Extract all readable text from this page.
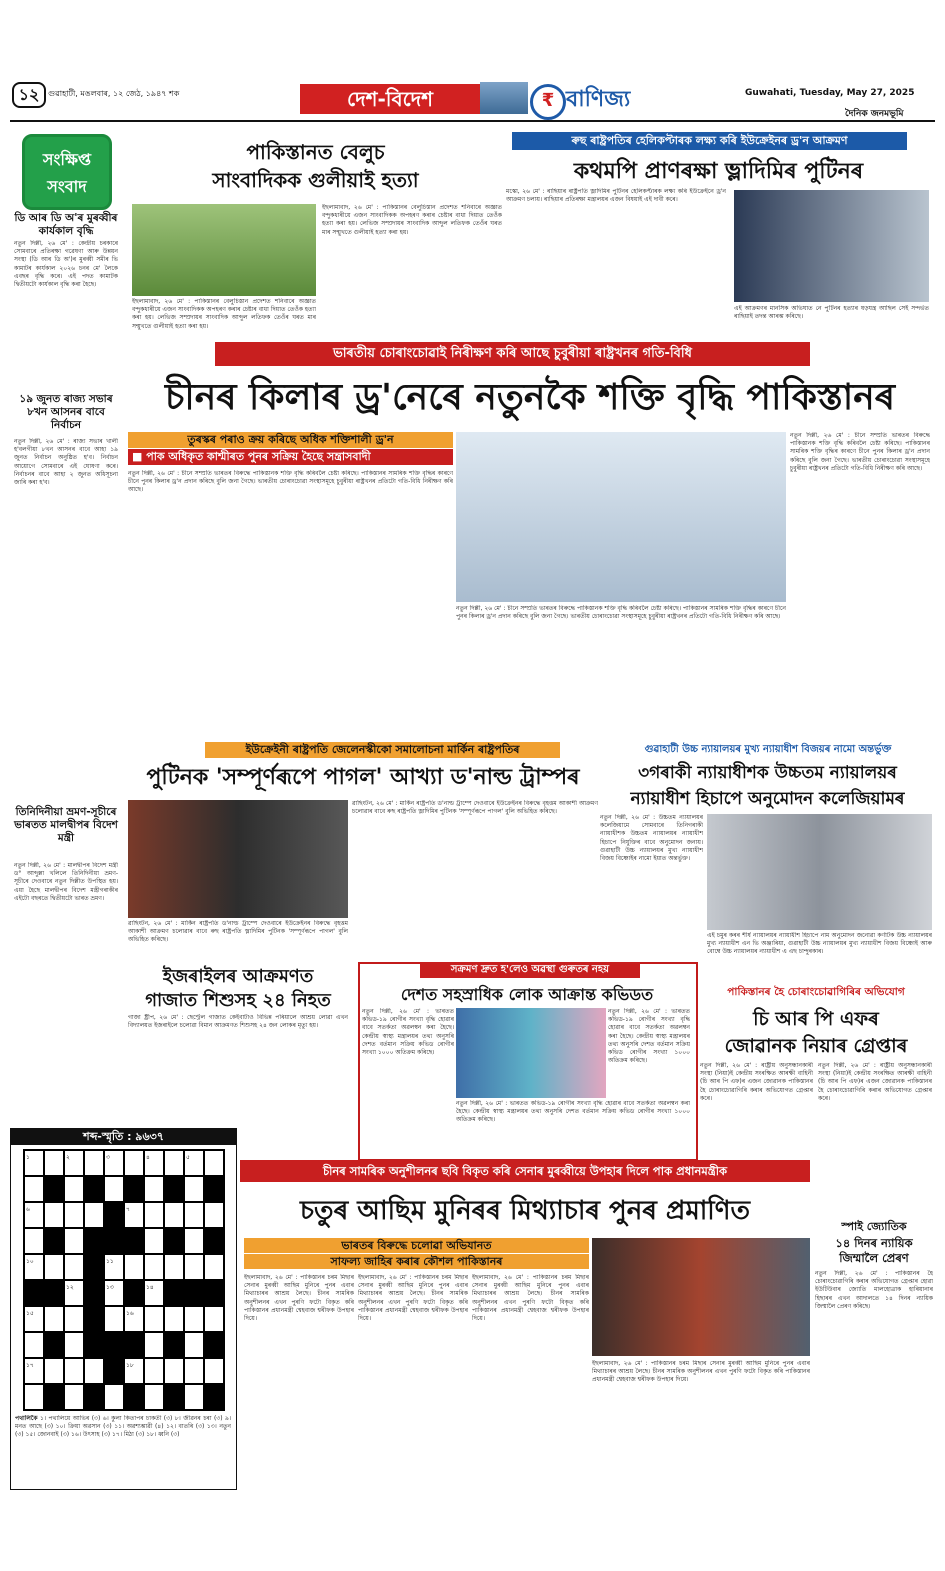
১২	গুৱাহাটী, মঙলবাৰ, ১২ জেঠ, ১৯৪৭ শক	দেশ-বিদেশ	₹ বাণিজ্য	Guwahati, Tuesday, May 27, 2025
দৈনিক জনমভূমি
সংক্ষিপ্ত
সংবাদ
ডি আৰ ডি অ'ৰ মুৰব্বীৰ কাৰ্যকাল বৃদ্ধি
নতুন দিল্লী, ২৬ মে' : কেন্দ্ৰীয় চৰকাৰে সোমবাৰে প্ৰতিৰক্ষা গৱেষণা আৰু উন্নয়ন সংস্থা (ডি আৰ ডি অ')ৰ মুৰব্বী সমীৰ ভি কামাটৰ কাৰ্যকাল ২০২৬ চনৰ মে' লৈকে এবছৰ বৃদ্ধি কৰে। এই পদত কামাটক দ্বিতীয়টো কাৰ্যকাল বৃদ্ধি কৰা হৈছে।
১৯ জুনত ৰাজ্য সভাৰ ৮খন আসনৰ বাবে নিৰ্বাচন
নতুন দিল্লী, ২৬ মে' : ৰাজ্য সভাৰ খালী হ'বলগীয়া ৮খন আসনৰ বাবে আহা ১৯ জুনত নিৰ্বাচন অনুষ্ঠিত হ'ব। নিৰ্বাচন আয়োগে সোমবাৰে এই ঘোষণা কৰে। নিৰ্বাচনৰ বাবে আহা ২ জুনত অধিসূচনা জাৰি কৰা হ'ব।
তিনিদিনীয়া ভ্ৰমণ-সূচীৰে ভাৰতত মালদ্বীপৰ বিদেশ মন্ত্ৰী
নতুন দিল্লী, ২৬ মে' : মালদ্বীপৰ বিদেশ মন্ত্ৰী ড° আব্দুল্লা খলিলে তিনিদিনীয়া ভ্ৰমণ-সূচীৰে দেওবাৰে নতুন দিল্লীত উপস্থিত হয়। এয়া হৈছে মালদ্বীপৰ বিদেশ মন্ত্ৰীগৰাকীৰ এইটো বছৰতে দ্বিতীয়টো ভাৰত ভ্ৰমণ।
পাকিস্তানত বেলুচ
সাংবাদিকক গুলীয়াই হত্যা
ইছলামাবাদ, ২৬ মে' : পাকিস্তানৰ বেলুচিস্তান প্ৰদেশত শনিবাৰে অজ্ঞাত বন্দুকধাৰীয়ে এজন সাংবাদিকক অপহৰণ কৰাৰ চেষ্টাৰ বাধা দিয়াত তেওঁক হত্যা কৰা হয়। লেভিজ সম্প্ৰদায়ৰ সাংবাদিক আব্দুল লতিফক তেওঁৰ ঘৰত মাৰ সন্মুখতে গুলীয়াই হত্যা কৰা হয়।
ইছলামাবাদ, ২৬ মে' : পাকিস্তানৰ বেলুচিস্তান প্ৰদেশত শনিবাৰে অজ্ঞাত বন্দুকধাৰীয়ে এজন সাংবাদিকক অপহৰণ কৰাৰ চেষ্টাৰ বাধা দিয়াত তেওঁক হত্যা কৰা হয়। লেভিজ সম্প্ৰদায়ৰ সাংবাদিক আব্দুল লতিফক তেওঁৰ ঘৰত মাৰ সন্মুখতে গুলীয়াই হত্যা কৰা হয়।
ৰুছ ৰাষ্ট্ৰপতিৰ হেলিকপ্টাৰক লক্ষ্য কৰি ইউক্ৰেইনৰ ড্ৰ'ন আক্ৰমণ
কথমপি প্ৰাণৰক্ষা ভ্লাদিমিৰ পুটিনৰ
মস্কো, ২৬ মে' : ৰাছিয়াৰ ৰাষ্ট্ৰপতি ভ্লাদিমিৰ পুটিনৰ হেলিকপ্টাৰক লক্ষ্য কৰি ইউক্ৰেইনে ড্ৰ'ন আক্ৰমণ চলায়। ৰাছিয়াৰ প্ৰতিৰক্ষা মন্ত্ৰালয়ৰ এজন বিষয়াই এই দাবী কৰে।
এই আক্ৰমণৰ মানসিক অভিঘাত নে পুটিনৰ হত্যাৰ ষড়যন্ত্ৰ আছিল সেই সন্দৰ্ভত ৰাছিয়াই তদন্ত আৰম্ভ কৰিছে।
ভাৰতীয় চোৰাংচোৱাই নিৰীক্ষণ কৰি আছে চুবুৰীয়া ৰাষ্ট্ৰখনৰ গতি-বিধি
চীনৰ কিলাৰ ড্ৰ'নেৰে নতুনকৈ শক্তি বৃদ্ধি পাকিস্তানৰ
তুৰস্কৰ পৰাও ক্ৰয় কৰিছে অধিক শক্তিশালী ড্ৰ'ন
■ পাক অধিকৃত কাশ্মীৰত পুনৰ সক্ৰিয় হৈছে সন্ত্ৰাসবাদী
নতুন দিল্লী, ২৬ মে' : চীনে সম্প্ৰতি ভাৰতৰ বিৰুদ্ধে পাকিস্তানক শক্তি বৃদ্ধি কৰিবলৈ চেষ্টা কৰিছে। পাকিস্তানৰ সামৰিক শক্তি বৃদ্ধিৰ কাৰণে চীনে পুনৰ কিলাৰ ড্ৰ'ন প্ৰদান কৰিছে বুলি জনা গৈছে। ভাৰতীয় চোৰাংচোৱা সংস্থাসমূহে চুবুৰীয়া ৰাষ্ট্ৰখনৰ প্ৰতিটো গতি-বিধি নিৰীক্ষণ কৰি আছে।
নতুন দিল্লী, ২৬ মে' : চীনে সম্প্ৰতি ভাৰতৰ বিৰুদ্ধে পাকিস্তানক শক্তি বৃদ্ধি কৰিবলৈ চেষ্টা কৰিছে। পাকিস্তানৰ সামৰিক শক্তি বৃদ্ধিৰ কাৰণে চীনে পুনৰ কিলাৰ ড্ৰ'ন প্ৰদান কৰিছে বুলি জনা গৈছে। ভাৰতীয় চোৰাংচোৱা সংস্থাসমূহে চুবুৰীয়া ৰাষ্ট্ৰখনৰ প্ৰতিটো গতি-বিধি নিৰীক্ষণ কৰি আছে।
নতুন দিল্লী, ২৬ মে' : চীনে সম্প্ৰতি ভাৰতৰ বিৰুদ্ধে পাকিস্তানক শক্তি বৃদ্ধি কৰিবলৈ চেষ্টা কৰিছে। পাকিস্তানৰ সামৰিক শক্তি বৃদ্ধিৰ কাৰণে চীনে পুনৰ কিলাৰ ড্ৰ'ন প্ৰদান কৰিছে বুলি জনা গৈছে। ভাৰতীয় চোৰাংচোৱা সংস্থাসমূহে চুবুৰীয়া ৰাষ্ট্ৰখনৰ প্ৰতিটো গতি-বিধি নিৰীক্ষণ কৰি আছে।
ইউক্ৰেইনী ৰাষ্ট্ৰপতি জেলেনস্কীকো সমালোচনা মাৰ্কিন ৰাষ্ট্ৰপতিৰ
পুটিনক 'সম্পূৰ্ণৰূপে পাগল' আখ্যা ড'নাল্ড ট্ৰাম্পৰ
ৱাছিংটন, ২৬ মে' : মাৰ্কিন ৰাষ্ট্ৰপতি ড'নাল্ড ট্ৰাম্পে দেওবাৰে ইউক্ৰেইনৰ বিৰুদ্ধে বৃহত্তম আকাশী আক্ৰমণ চলোৱাৰ বাবে ৰুছ ৰাষ্ট্ৰপতি ভ্লাদিমিৰ পুটিনক 'সম্পূৰ্ণৰূপে পাগল' বুলি অভিহিত কৰিছে।
ৱাছিংটন, ২৬ মে' : মাৰ্কিন ৰাষ্ট্ৰপতি ড'নাল্ড ট্ৰাম্পে দেওবাৰে ইউক্ৰেইনৰ বিৰুদ্ধে বৃহত্তম আকাশী আক্ৰমণ চলোৱাৰ বাবে ৰুছ ৰাষ্ট্ৰপতি ভ্লাদিমিৰ পুটিনক 'সম্পূৰ্ণৰূপে পাগল' বুলি অভিহিত কৰিছে।
গুৱাহাটী উচ্চ ন্যায়ালয়ৰ মুখ্য ন্যায়াধীশ বিজয়ৰ নামো অন্তৰ্ভুক্ত
৩গৰাকী ন্যায়াধীশক উচ্চতম ন্যায়ালয়ৰ
ন্যায়াধীশ হিচাপে অনুমোদন কলেজিয়ামৰ
নতুন দিল্লী, ২৬ মে' : উচ্চতম ন্যায়ালয়ৰ কলেজিয়ামে সোমবাৰে তিনিগৰাকী ন্যায়াধীশক উচ্চতম ন্যায়ালয়ৰ ন্যায়াধীশ হিচাপে নিযুক্তিৰ বাবে অনুমোদন জনায়। গুৱাহাটী উচ্চ ন্যায়ালয়ৰ মুখ্য ন্যায়াধীশ বিজয় বিষ্ণোইৰ নামো ইয়াত অন্তৰ্ভুক্ত।
এই চমুৰ কৰৰ শীৰ্ষ ন্যায়ালয়ৰ ন্যায়াধীশ হিচাপে নাম অনুমোদন জনোৱা কৰ্ণাটক উচ্চ ন্যায়ালয়ৰ মুখ্য ন্যায়াধীশ এন ভি অঞ্জাৰিয়া, গুৱাহাটী উচ্চ ন্যায়ালয়ৰ মুখ্য ন্যায়াধীশ বিজয় বিষ্ণোই আৰু বোম্বে উচ্চ ন্যায়ালয়ৰ ন্যায়াধীশ এ এছ চান্দুৰকাৰ।
ইজৰাইলৰ আক্ৰমণত
গাজাত শিশুসহ ২৪ নিহত
গাজা ষ্ট্ৰীপ, ২৬ মে' : ছেণ্ট্ৰেল গাজাত কেইবাটাও বিভিন্ন পৰিয়ালে আশ্ৰয় লোৱা এখন বিদ্যালয়ত ইজৰাইলে চলোৱা বিমান আক্ৰমণত শিশুসহ ২৪ জন লোকৰ মৃত্যু হয়।
সক্ৰমণ দ্ৰুত হ'লেও অৱস্থা গুৰুতৰ নহয়
দেশত সহস্ৰাধিক লোক আক্ৰান্ত কভিডত
নতুন দিল্লী, ২৬ মে' : ভাৰতত কভিড-১৯ ৰোগীৰ সংখ্যা বৃদ্ধি হোৱাৰ বাবে সতৰ্কতা অৱলম্বন কৰা হৈছে। কেন্দ্ৰীয় স্বাস্থ্য মন্ত্ৰালয়ৰ তথ্য অনুসৰি দেশত বৰ্তমান সক্ৰিয় কভিড ৰোগীৰ সংখ্যা ১০০০ অতিক্ৰম কৰিছে।
নতুন দিল্লী, ২৬ মে' : ভাৰতত কভিড-১৯ ৰোগীৰ সংখ্যা বৃদ্ধি হোৱাৰ বাবে সতৰ্কতা অৱলম্বন কৰা হৈছে। কেন্দ্ৰীয় স্বাস্থ্য মন্ত্ৰালয়ৰ তথ্য অনুসৰি দেশত বৰ্তমান সক্ৰিয় কভিড ৰোগীৰ সংখ্যা ১০০০ অতিক্ৰম কৰিছে।
নতুন দিল্লী, ২৬ মে' : ভাৰতত কভিড-১৯ ৰোগীৰ সংখ্যা বৃদ্ধি হোৱাৰ বাবে সতৰ্কতা অৱলম্বন কৰা হৈছে। কেন্দ্ৰীয় স্বাস্থ্য মন্ত্ৰালয়ৰ তথ্য অনুসৰি দেশত বৰ্তমান সক্ৰিয় কভিড ৰোগীৰ সংখ্যা ১০০০ অতিক্ৰম কৰিছে।
পাকিস্তানৰ হৈ চোৰাংচোৱাগিৰিৰ অভিযোগ
চি আৰ পি এফৰ
জোৱানক নিয়াৰ গ্ৰেপ্তাৰ
নতুন দিল্লী, ২৬ মে' : ৰাষ্ট্ৰীয় অনুসন্ধানকাৰী সংস্থা (নিয়া)ই কেন্দ্ৰীয় সংৰক্ষিত আৰক্ষী বাহিনী (চি আৰ পি এফ)ৰ এজন জোৱানক পাকিস্তানৰ হৈ চোৰাংচোৱাগিৰি কৰাৰ অভিযোগত গ্ৰেপ্তাৰ কৰে।
নতুন দিল্লী, ২৬ মে' : ৰাষ্ট্ৰীয় অনুসন্ধানকাৰী সংস্থা (নিয়া)ই কেন্দ্ৰীয় সংৰক্ষিত আৰক্ষী বাহিনী (চি আৰ পি এফ)ৰ এজন জোৱানক পাকিস্তানৰ হৈ চোৰাংচোৱাগিৰি কৰাৰ অভিযোগত গ্ৰেপ্তাৰ কৰে।
শব্দ-স্মৃতি : ৯৬৩৭
১	২	৩	৪	৫
৬	৭
১০	১১
১২	১৩	১৪
১৫	১৬
১৭	১৮
পথালিকৈ ১। পথালিয়ে আভিৰ (৩) ৬। কুলা কিতাপৰ চাকতী (৩) ৮। জীৱনৰ চৰা (৩) ৯। মনত আছে (৩) ১০। ক্ৰিয়া অৱসান (৩) ১১। অৱশ্যম্ভাৱী (৪) ১২। বাতৰি (৩) ১৩। নতুন (৩) ১৫। জোনবাই (৩) ১৬। উৎসাহ (৩) ১৭। মিঠা (৩) ১৮। ধ্বনি (৩)
চীনৰ সামৰিক অনুশীলনৰ ছবি বিকৃত কৰি সেনাৰ মুৰব্বীয়ে উপহাৰ দিলে পাক প্ৰধানমন্ত্ৰীক
চতুৰ আছিম মুনিৰৰ মিথ্যাচাৰ পুনৰ প্ৰমাণিত
ভাৰতৰ বিৰুদ্ধে চলোৱা অভিযানত
সাফল্য জাহিৰ কৰাৰ কৌশল পাকিস্তানৰ
ইছলামাবাদ, ২৬ মে' : পাকিস্তানৰ চৰম মিছাৰ সেনাৰ মুৰব্বী আছিম মুনিৰে পুনৰ এবাৰ মিথ্যাচাৰৰ আশ্ৰয় লৈছে। চীনৰ সামৰিক অনুশীলনৰ এখন পুৰণি ফটো বিকৃত কৰি পাকিস্তানৰ প্ৰধানমন্ত্ৰী শ্বেহবাজ শ্বৰীফক উপহাৰ দিয়ে।
ইছলামাবাদ, ২৬ মে' : পাকিস্তানৰ চৰম মিছাৰ সেনাৰ মুৰব্বী আছিম মুনিৰে পুনৰ এবাৰ মিথ্যাচাৰৰ আশ্ৰয় লৈছে। চীনৰ সামৰিক অনুশীলনৰ এখন পুৰণি ফটো বিকৃত কৰি পাকিস্তানৰ প্ৰধানমন্ত্ৰী শ্বেহবাজ শ্বৰীফক উপহাৰ দিয়ে।
ইছলামাবাদ, ২৬ মে' : পাকিস্তানৰ চৰম মিছাৰ সেনাৰ মুৰব্বী আছিম মুনিৰে পুনৰ এবাৰ মিথ্যাচাৰৰ আশ্ৰয় লৈছে। চীনৰ সামৰিক অনুশীলনৰ এখন পুৰণি ফটো বিকৃত কৰি পাকিস্তানৰ প্ৰধানমন্ত্ৰী শ্বেহবাজ শ্বৰীফক উপহাৰ দিয়ে।
ইছলামাবাদ, ২৬ মে' : পাকিস্তানৰ চৰম মিছাৰ সেনাৰ মুৰব্বী আছিম মুনিৰে পুনৰ এবাৰ মিথ্যাচাৰৰ আশ্ৰয় লৈছে। চীনৰ সামৰিক অনুশীলনৰ এখন পুৰণি ফটো বিকৃত কৰি পাকিস্তানৰ প্ৰধানমন্ত্ৰী শ্বেহবাজ শ্বৰীফক উপহাৰ দিয়ে।
স্পাই জ্যোতিক
১৪ দিনৰ ন্যায়িক জিম্মালৈ প্ৰেৰণ
নতুন দিল্লী, ২৬ মে' : পাকিস্তানৰ হৈ চোৰাংচোৱাগিৰি কৰাৰ অভিযোগত গ্ৰেপ্তাৰ হোৱা ইউটিউবাৰ জ্যোতি মালহোত্ৰাক হাৰিয়ানাৰ হিছাৰৰ এখন আদালতে ১৪ দিনৰ ন্যায়িক জিম্মালৈ প্ৰেৰণ কৰিছে।
